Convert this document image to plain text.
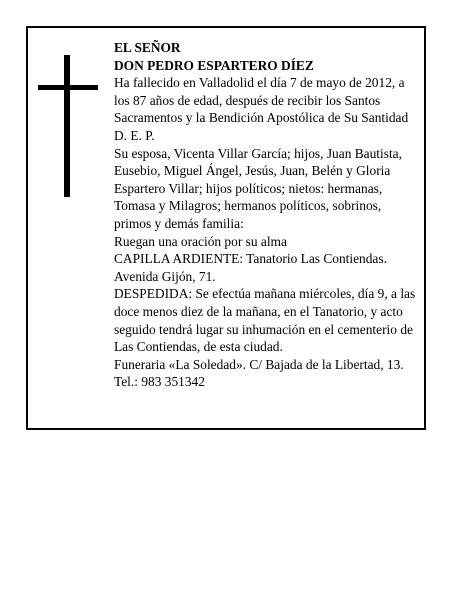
EL SEÑOR

DON PEDRO ESPARTERO DÍEZ

Ha fallecido en Valladolid el día 7 de mayo de 2012, a los 87 años de edad, después de recibir los Santos Sacramentos y la Bendición Apostólica de Su Santidad D. E. P.

Su esposa, Vicenta Villar García; hijos, Juan Bautista, Eusebio, Miguel Ángel, Jesús, Juan, Belén y Gloria Espartero Villar; hijos políticos; nietos: hermanas, Tomasa y Milagros; hermanos políticos, sobrinos, primos y demás familia:

Ruegan una oración por su alma

CAPILLA ARDIENTE: Tanatorio Las Contiendas. Avenida Gijón, 71.

DESPEDIDA: Se efectúa mañana miércoles, día 9, a las doce menos diez de la mañana, en el Tanatorio, y acto seguido tendrá lugar su inhumación en el cementerio de Las Contiendas, de esta ciudad.

Funeraria «La Soledad». C/ Bajada de la Libertad, 13. Tel.: 983 351342
